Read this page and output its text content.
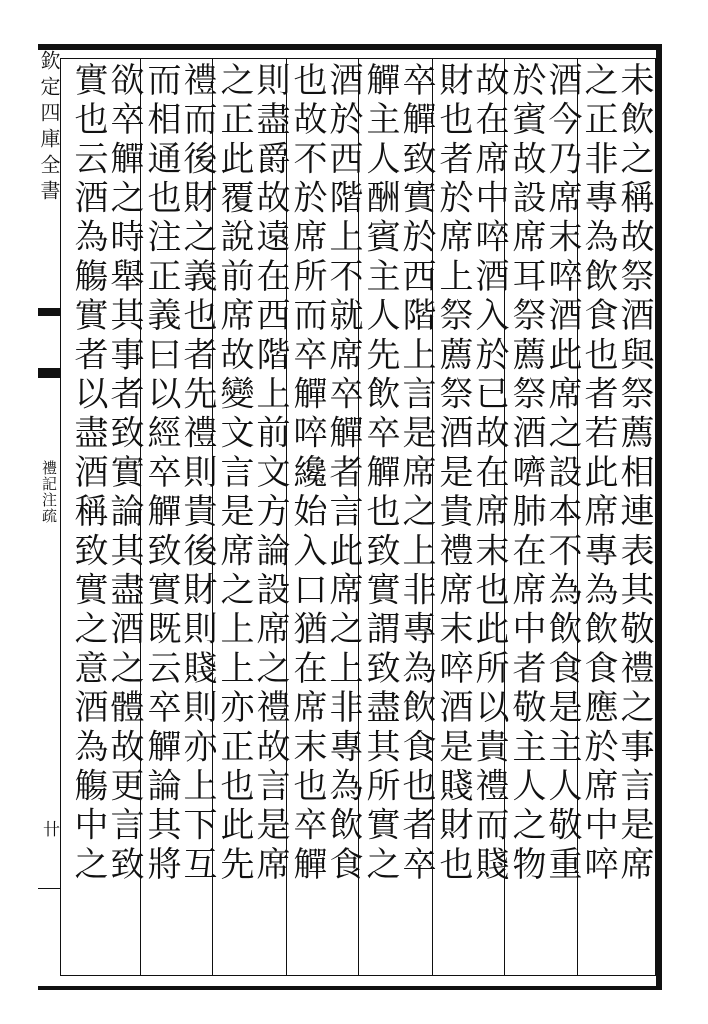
欽定四庫全書
禮記注疏
卄	未飲之稱故祭酒與祭薦相連表其敬禮之事言是席
之正非專為飲食也者若此席專為飲食應於席中啐
酒今乃席末啐酒此席之設本不為飲食是主人敬重
於賓故設席耳祭薦祭酒嚌肺在席中者敬主人之物
故在席中啐酒入於已故在席末也此所以貴禮而賤
財也者於席上祭薦祭酒是貴禮席末啐酒是賤財也
卒觶致實於西階上言是席之上非專為飲食也者卒
觶主人酬賓主人先飲卒觶也致實謂致盡其所實之
酒於西階上不就席卒觶者言此席之上非專為飲食
也故不於席所而卒觶啐纔始入口猶在席末也卒觶
則盡爵故遠在西階上前文方論設席之禮故言是席
之正此覆說前席故變文言是席之上上亦正也此先
禮而後財之義也者先禮則貴後財則賤則亦上下互
而相通也注正義曰以經卒觶致實既云卒觶論其將
欲卒觶之時舉其事者致實論其盡酒之體故更言致
實也云酒為觴實者以盡酒稱致實之意酒為觴中之
